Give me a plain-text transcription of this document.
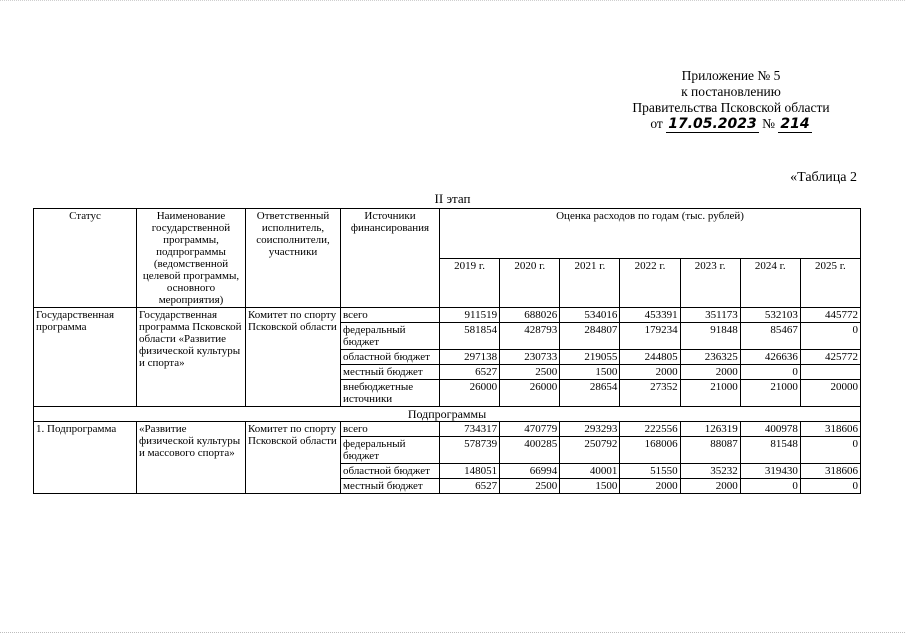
Приложение № 5
к постановлению
Правительства Псковской области
от 17.05.2023 № 214
«Таблица 2
II этап
Статус	Наименование государственной программы, подпрограммы (ведомственной целевой программы, основного мероприятия)	Ответственный исполнитель, соисполнители, участники	Источники финансирования	Оценка расходов по годам (тыс. рублей)						
				2019 г.	2020 г.	2021 г.	2022 г.	2023 г.	2024 г.	2025 г.
Государственная программа	Государственная программа Псковской области «Развитие физической культуры и спорта»	Комитет по спорту Псковской области	всего	911519	688026	534016	453391	351173	532103	445772
			федеральный бюджет	581854	428793	284807	179234	91848	85467	0
			областной бюджет	297138	230733	219055	244805	236325	426636	425772
			местный бюджет	6527	2500	1500	2000	2000	0	
			внебюджетные источники	26000	26000	28654	27352	21000	21000	20000
Подпрограммы										
1. Подпрограмма	«Развитие физической культуры и массового спорта»	Комитет по спорту Псковской области	всего	734317	470779	293293	222556	126319	400978	318606
			федеральный бюджет	578739	400285	250792	168006	88087	81548	0
			областной бюджет	148051	66994	40001	51550	35232	319430	318606
			местный бюджет	6527	2500	1500	2000	2000	0	0
